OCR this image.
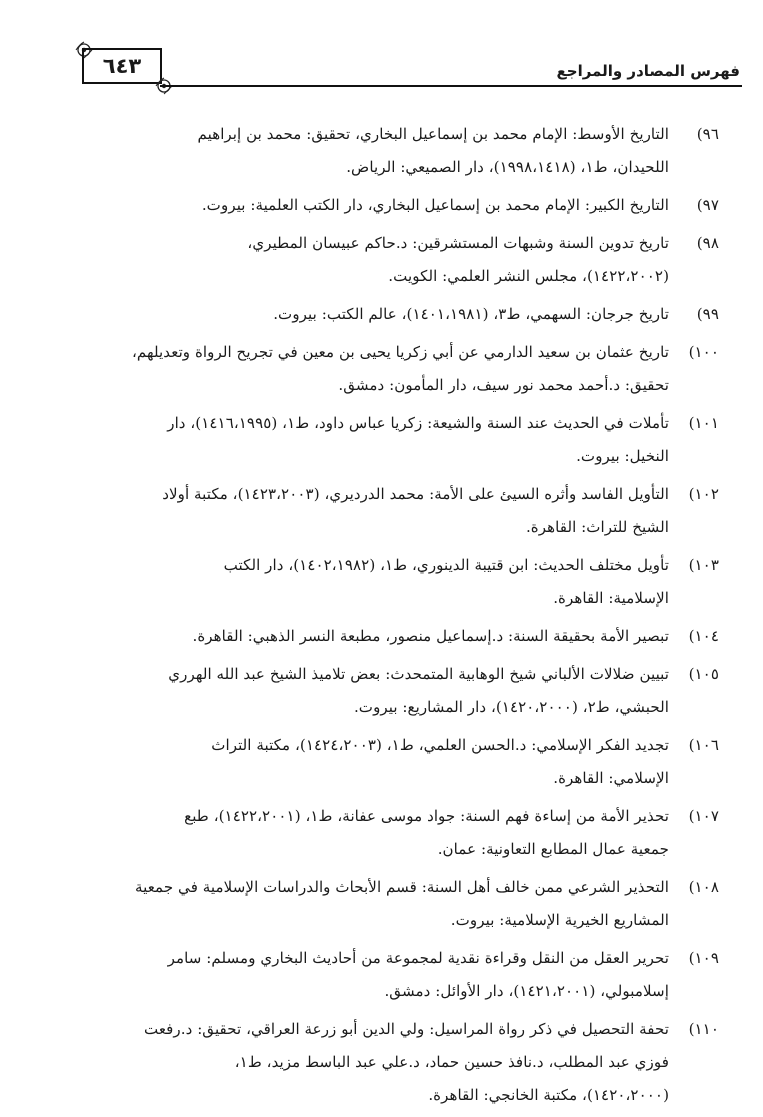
٦٤٣	فهرس المصادر والمراجع
٩٦)
التاريخ الأوسط: الإمام محمد بن إسماعيل البخاري، تحقيق: محمد بن إبراهيم
اللحيدان، ط١، (١٩٩٨،١٤١٨)، دار الصميعي: الرياض.
٩٧)
التاريخ الكبير: الإمام محمد بن إسماعيل البخاري، دار الكتب العلمية: بيروت.
٩٨)
تاريخ تدوين السنة وشبهات المستشرقين: د.حاكم عبيسان المطيري،
(١٤٢٢،٢٠٠٢)، مجلس النشر العلمي: الكويت.
٩٩)
تاريخ جرجان: السهمي، ط٣، (١٤٠١،١٩٨١)، عالم الكتب: بيروت.
١٠٠)
تاريخ عثمان بن سعيد الدارمي عن أبي زكريا يحيى بن معين في تجريح الرواة وتعديلهم،
تحقيق: د.أحمد محمد نور سيف، دار المأمون: دمشق.
١٠١)
تأملات في الحديث عند السنة والشيعة: زكريا عباس داود، ط١، (١٤١٦،١٩٩٥)، دار
النخيل: بيروت.
١٠٢)
التأويل الفاسد وأثره السيئ على الأمة: محمد الدرديري، (١٤٢٣،٢٠٠٣)، مكتبة أولاد
الشيخ للتراث: القاهرة.
١٠٣)
تأويل مختلف الحديث: ابن قتيبة الدينوري، ط١، (١٤٠٢،١٩٨٢)، دار الكتب
الإسلامية: القاهرة.
١٠٤)
تبصير الأمة بحقيقة السنة: د.إسماعيل منصور، مطبعة النسر الذهبي: القاهرة.
١٠٥)
تبيين ضلالات الألباني شيخ الوهابية المتمحدث: بعض تلاميذ الشيخ عبد الله الهرري
الحبشي، ط٢، (١٤٢٠،٢٠٠٠)، دار المشاريع: بيروت.
١٠٦)
تجديد الفكر الإسلامي: د.الحسن العلمي، ط١، (١٤٢٤،٢٠٠٣)، مكتبة التراث
الإسلامي: القاهرة.
١٠٧)
تحذير الأمة من إساءة فهم السنة: جواد موسى عفانة، ط١، (١٤٢٢،٢٠٠١)، طبع
جمعية عمال المطابع التعاونية: عمان.
١٠٨)
التحذير الشرعي ممن خالف أهل السنة: قسم الأبحاث والدراسات الإسلامية في جمعية
المشاريع الخيرية الإسلامية: بيروت.
١٠٩)
تحرير العقل من النقل وقراءة نقدية لمجموعة من أحاديث البخاري ومسلم: سامر
إسلامبولي، (١٤٢١،٢٠٠١)، دار الأوائل: دمشق.
١١٠)
تحفة التحصيل في ذكر رواة المراسيل: ولي الدين أبو زرعة العراقي، تحقيق: د.رفعت
فوزي عبد المطلب، د.نافذ حسين حماد، د.علي عبد الباسط مزيد، ط١،
(١٤٢٠،٢٠٠٠)، مكتبة الخانجي: القاهرة.
